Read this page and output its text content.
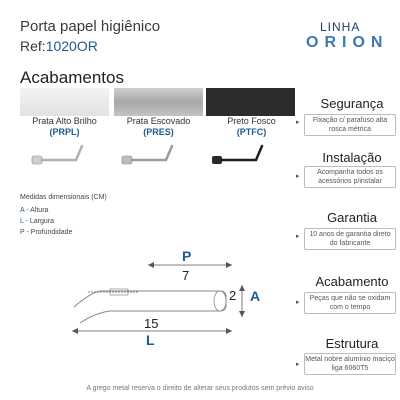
Porta papel higiênico
Ref:1020OR
LINHA
ORION
Acabamentos
Prata Alto Brilho
(PRPL)
Prata Escovado
(PRES)
Preto Fosco
(PTFC)
Segurança
▸	Fixação c/ parafuso alta rosca métrica
Instalação
▸
Acompanha todos os acessórios p/instalar
Garantia
▸	10 anos de garantia direto do fabricante
Acabamento
▸
Peças que não se oxidam com o tempo
Estrutura
▸
Metal nobre alumínio maciço liga 6060T5
Medidas dimensionais (CM)
A - Altura
L - Largura
P - Profundidade
P
7
2 A
15
L
A grego metal reserva o direito de alterar seus produtos sem prévio aviso
